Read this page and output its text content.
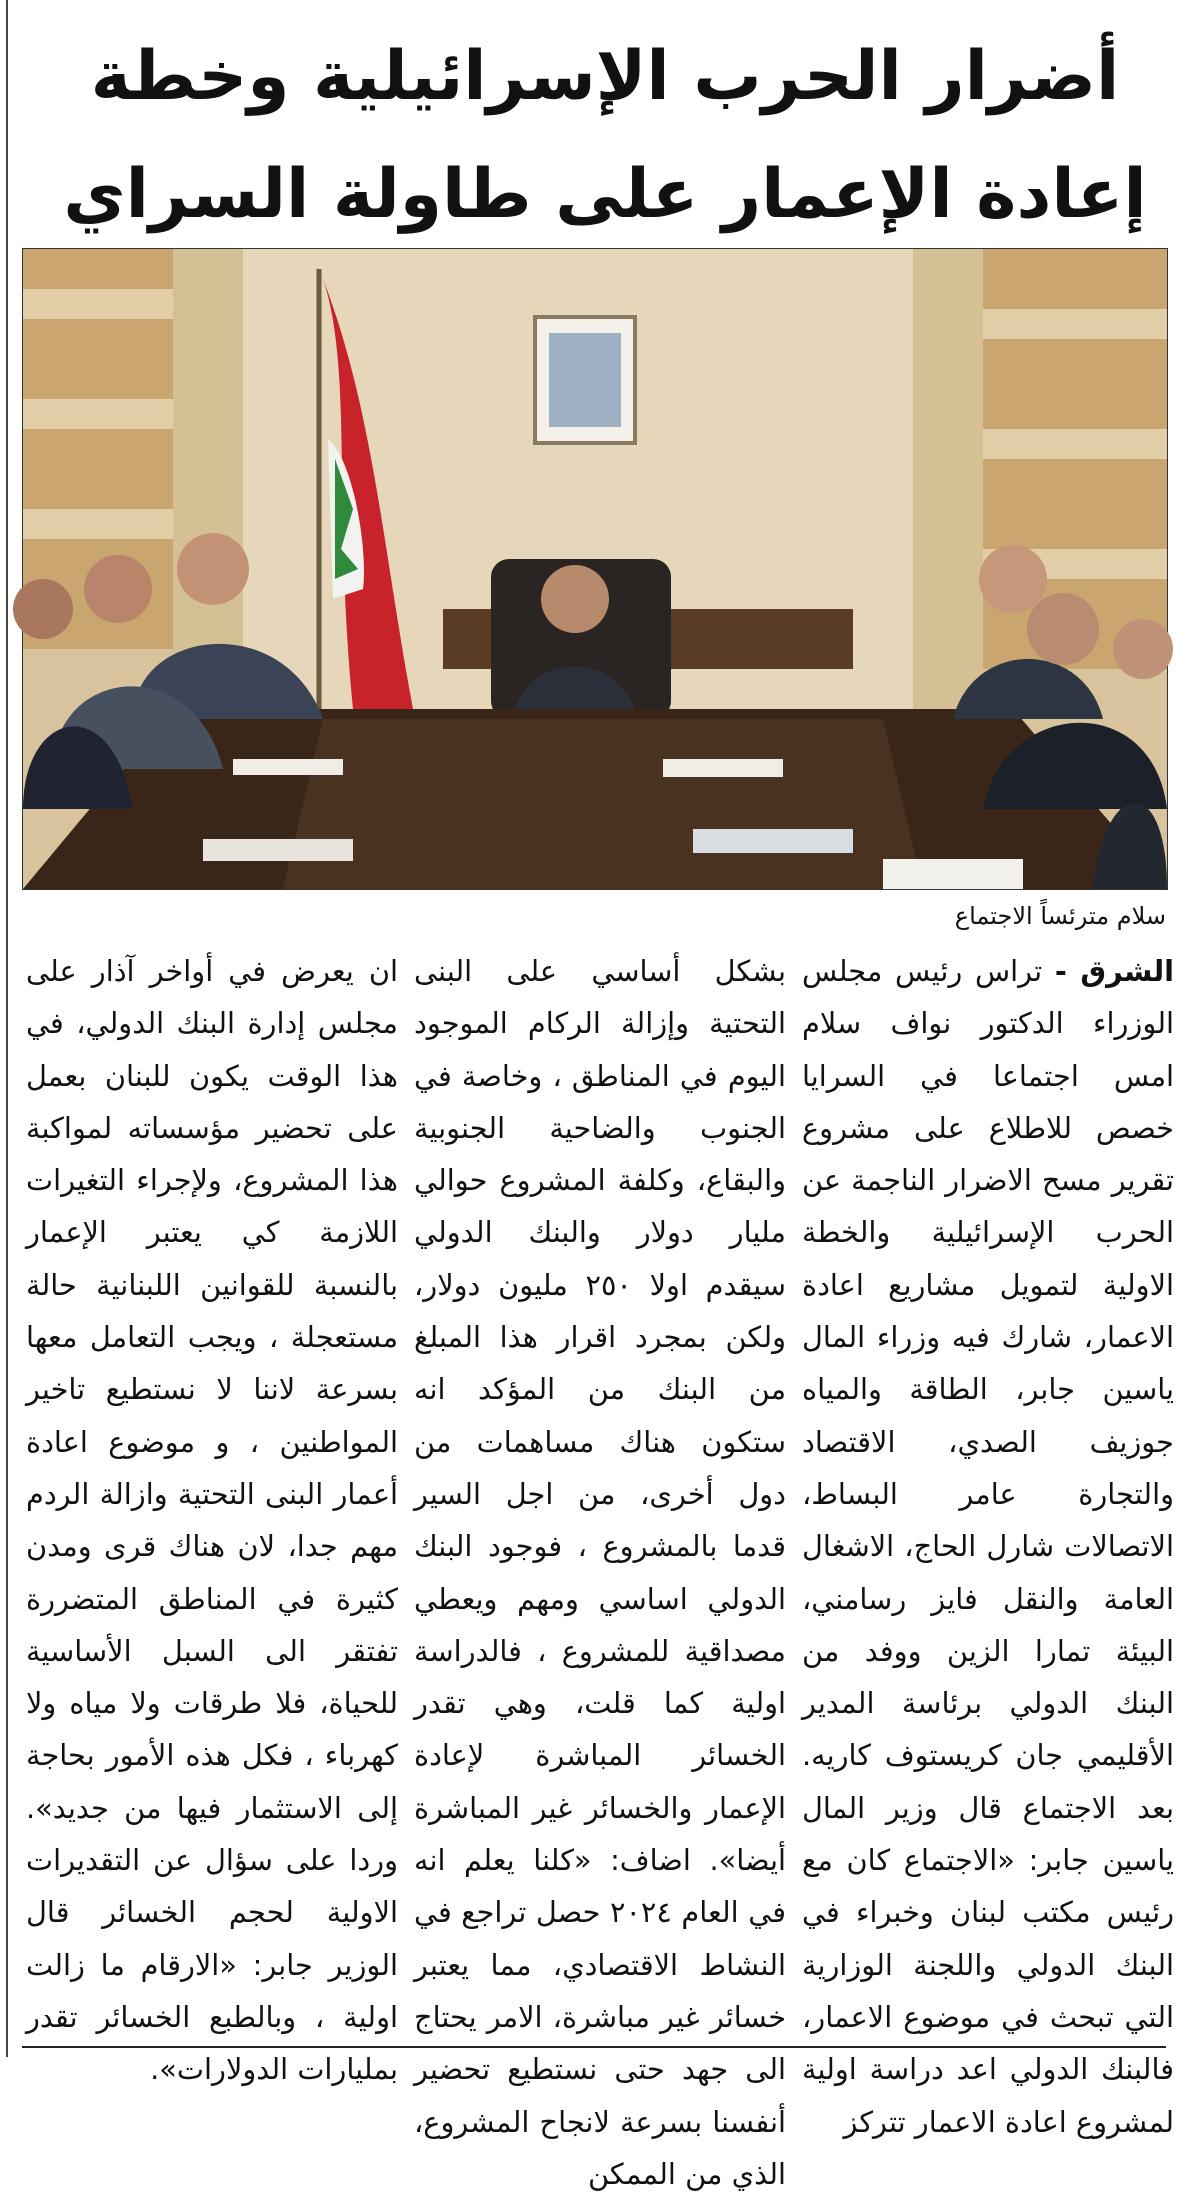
أضرار الحرب الإسرائيلية وخطة
إعادة الإعمار على طاولة السراي
سلام مترئساً الاجتماع

الشرق - تراس رئيس مجلس الوزراء الدكتور نواف سلام امس اجتماعا في السرايا خصص للاطلاع على مشروع تقرير مسح الاضرار الناجمة عن الحرب الإسرائيلية والخطة الاولية لتمويل مشاريع اعادة الاعمار، شارك فيه وزراء المال ياسين جابر، الطاقة والمياه جوزيف الصدي، الاقتصاد والتجارة عامر البساط، الاتصالات شارل الحاج، الاشغال العامة والنقل فايز رسامني، البيئة تمارا الزين ووفد من البنك الدولي برئاسة المدير الأقليمي جان كريستوف كاريه. بعد الاجتماع قال وزير المال ياسين جابر: «الاجتماع كان مع رئيس مكتب لبنان وخبراء في البنك الدولي واللجنة الوزارية التي تبحث في موضوع الاعمار، فالبنك الدولي اعد دراسة اولية لمشروع اعادة الاعمار تتركز

بشكل أساسي على البنى التحتية وإزالة الركام الموجود اليوم في المناطق ، وخاصة في الجنوب والضاحية الجنوبية والبقاع، وكلفة المشروع حوالي مليار دولار والبنك الدولي سيقدم اولا ٢٥٠ مليون دولار، ولكن بمجرد اقرار هذا المبلغ من البنك من المؤكد انه ستكون هناك مساهمات من دول أخرى، من اجل السير قدما بالمشروع ، فوجود البنك الدولي اساسي ومهم ويعطي مصداقية للمشروع ، فالدراسة اولية كما قلت، وهي تقدر الخسائر المباشرة لإعادة الإعمار والخسائر غير المباشرة أيضا». اضاف: «كلنا يعلم انه في العام ٢٠٢٤ حصل تراجع في النشاط الاقتصادي، مما يعتبر خسائر غير مباشرة، الامر يحتاج الى جهد حتى نستطيع تحضير أنفسنا بسرعة لانجاح المشروع، الذي من الممكن

ان يعرض في أواخر آذار على مجلس إدارة البنك الدولي، في هذا الوقت يكون للبنان بعمل على تحضير مؤسساته لمواكبة هذا المشروع، ولإجراء التغيرات اللازمة كي يعتبر الإعمار بالنسبة للقوانين اللبنانية حالة مستعجلة ، ويجب التعامل معها بسرعة لاننا لا نستطيع تاخير المواطنين ، و موضوع اعادة أعمار البنى التحتية وازالة الردم مهم جدا، لان هناك قرى ومدن كثيرة في المناطق المتضررة تفتقر الى السبل الأساسية للحياة، فلا طرقات ولا مياه ولا كهرباء ، فكل هذه الأمور بحاجة إلى الاستثمار فيها من جديد». وردا على سؤال عن التقديرات الاولية لحجم الخسائر قال الوزير جابر: «الارقام ما زالت اولية ، وبالطبع الخسائر تقدر بمليارات الدولارات».
